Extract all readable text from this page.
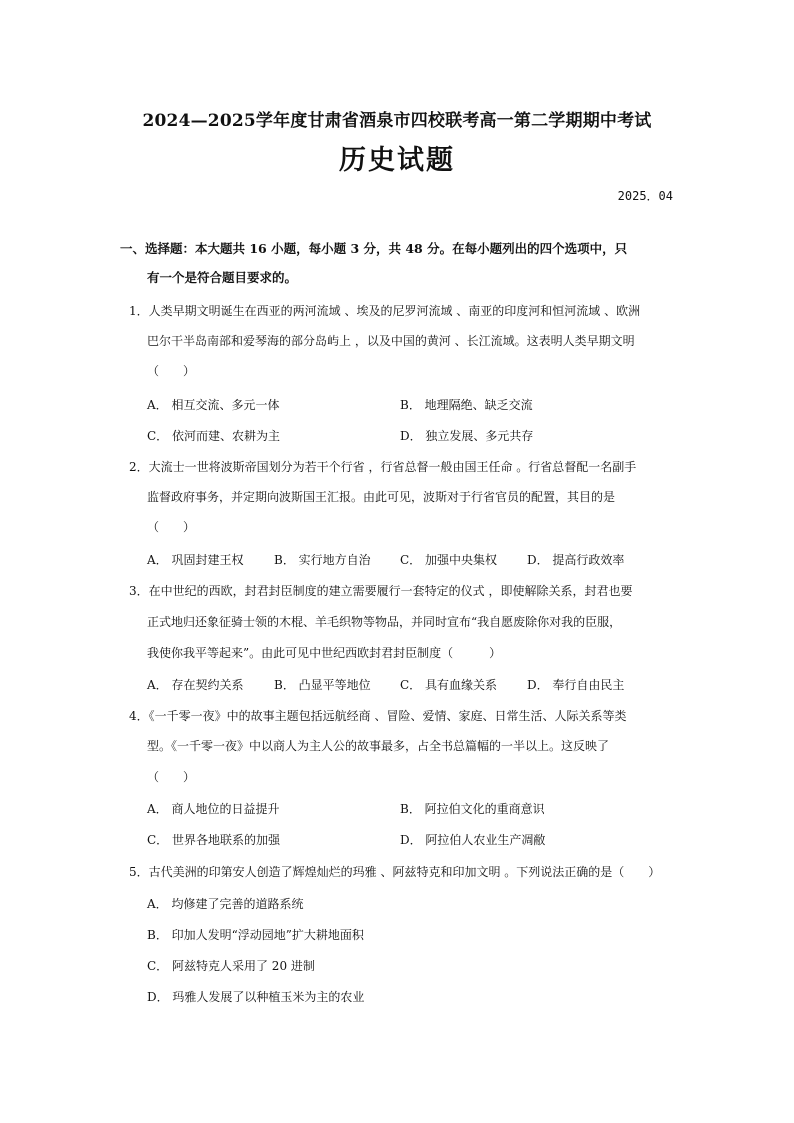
2024—2025学年度甘肃省酒泉市四校联考高一第二学期期中考试
历史试题
2025．04
一、选择题：本大题共 16 小题，每小题 3 分，共 48 分。在每小题列出的四个选项中，只
有一个是符合题目要求的。
1．人类早期文明诞生在西亚的两河流域 、埃及的尼罗河流域 、南亚的印度河和恒河流域 、欧洲
巴尔干半岛南部和爱琴海的部分岛屿上 ，以及中国的黄河 、长江流域。这表明人类早期文明
（　　）
A． 相互交流、多元一体	B． 地理隔绝、缺乏交流
C． 依河而建、农耕为主	D． 独立发展、多元共存
2．大流士一世将波斯帝国划分为若干个行省 ，行省总督一般由国王任命 。行省总督配一名副手
监督政府事务，并定期向波斯国王汇报。由此可见，波斯对于行省官员的配置，其目的是
（　　）
A． 巩固封建王权	B． 实行地方自治 C． 加强中央集权	D． 提高行政效率
3．在中世纪的西欧，封君封臣制度的建立需要履行一套特定的仪式 ，即使解除关系，封君也要
正式地归还象征骑士领的木棍、羊毛织物等物品，并同时宣布“我自愿废除你对我的臣服，
我使你我平等起来”。由此可见中世纪西欧封君封臣制度（　　　）
A． 存在契约关系	B． 凸显平等地位 C． 具有血缘关系	D． 奉行自由民主
4．《一千零一夜》中的故事主题包括远航经商 、冒险、爱情、家庭、日常生活、人际关系等类
型。《一千零一夜》中以商人为主人公的故事最多，占全书总篇幅的一半以上。这反映了
（　　）
A． 商人地位的日益提升	B． 阿拉伯文化的重商意识
C． 世界各地联系的加强	D． 阿拉伯人农业生产凋敝
5．古代美洲的印第安人创造了辉煌灿烂的玛雅 、阿兹特克和印加文明 。下列说法正确的是（　　）
A． 均修建了完善的道路系统
B． 印加人发明“浮动园地”扩大耕地面积
C． 阿兹特克人采用了 20 进制
D． 玛雅人发展了以种植玉米为主的农业
